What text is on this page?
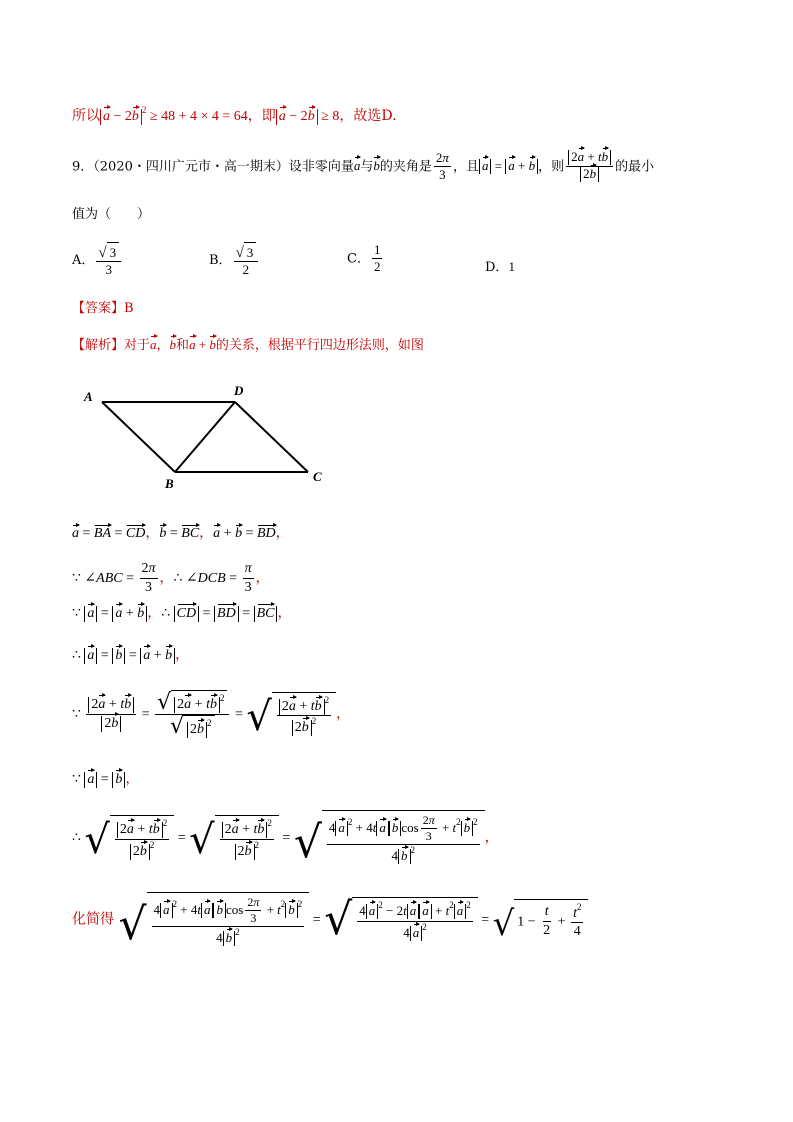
所以 a − 2b $^2$ ≥ 48 + 4 × 4 = 64，即 a − 2b ≥ 8，故选D.
9．（2020・四川广元市・高一期末）设非零向量a与b的夹角是 $\frac{2\pi}{3}$ ，且 a = a + b ，则 $\frac{2a + tb}{2b}$ 的最小
值为（　　）
A． $\frac{√ 3}{3}$	B． $\frac{√ 3}{2}$	C． $\frac{1}{2}$	D．1
【答案】B
【解析】对于a，b和a + b的关系，根据平行四边形法则，如图
A	D
B	C
a = BA = CD，b = BC，a + b = BD，
∵ ∠ABC = $\frac{2\pi}{3}$ ，∴ ∠DCB = $\frac{\pi}{3}$ ，
∵ a = a + b ，∴ CD = BD = BC ，
∴ a = b = a + b ，
∵ $\frac{2a + tb}{2b} = \frac{√ 2a + tb ^2}{√ 2b ^2}$ = √ $\frac{2a + tb ^2}{2b ^2}$ ，
∵ a = b ，
∴ √ $\frac{2a + tb ^2}{2b ^2}$ = √ $\frac{2a + tb ^2}{2b ^2}$ = √ $\frac{4 a ^2 + 4t a b \cos \frac{2\pi}{3} + t^2 b ^2}{4 b ^2}$ ，
化简得 √ $\frac{4 a ^2 + 4t a b \cos \frac{2\pi}{3} + t^2 b ^2}{4 b ^2}$ = √ $\frac{4 a ^2 - 2t a a + t^2 a ^2}{4 a ^2}$ = √ $1 - \frac{t}{2} + \frac{t^2}{4}$
